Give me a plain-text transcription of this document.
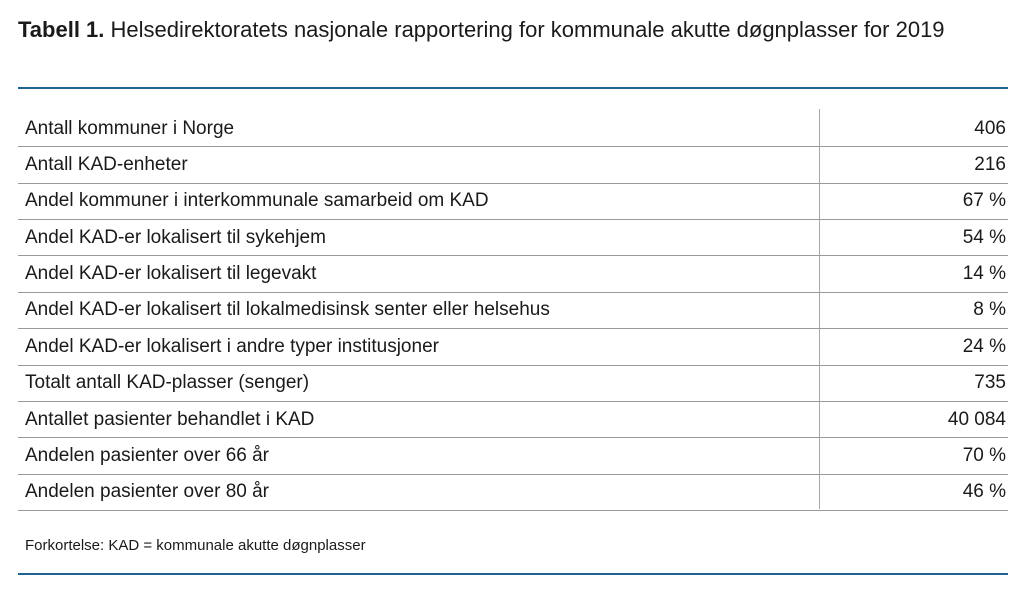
Tabell 1. Helsedirektoratets nasjonale rapportering for kommunale akutte døgnplasser for 2019
Antall kommuner i Norge	406
Antall KAD-enheter	216
Andel kommuner i interkommunale samarbeid om KAD	67 %
Andel KAD-er lokalisert til sykehjem	54 %
Andel KAD-er lokalisert til legevakt	14 %
Andel KAD-er lokalisert til lokalmedisinsk senter eller helsehus	8 %
Andel KAD-er lokalisert i andre typer institusjoner	24 %
Totalt antall KAD-plasser (senger)	735
Antallet pasienter behandlet i KAD	40 084
Andelen pasienter over 66 år	70 %
Andelen pasienter over 80 år	46 %
Forkortelse: KAD = kommunale akutte døgnplasser
